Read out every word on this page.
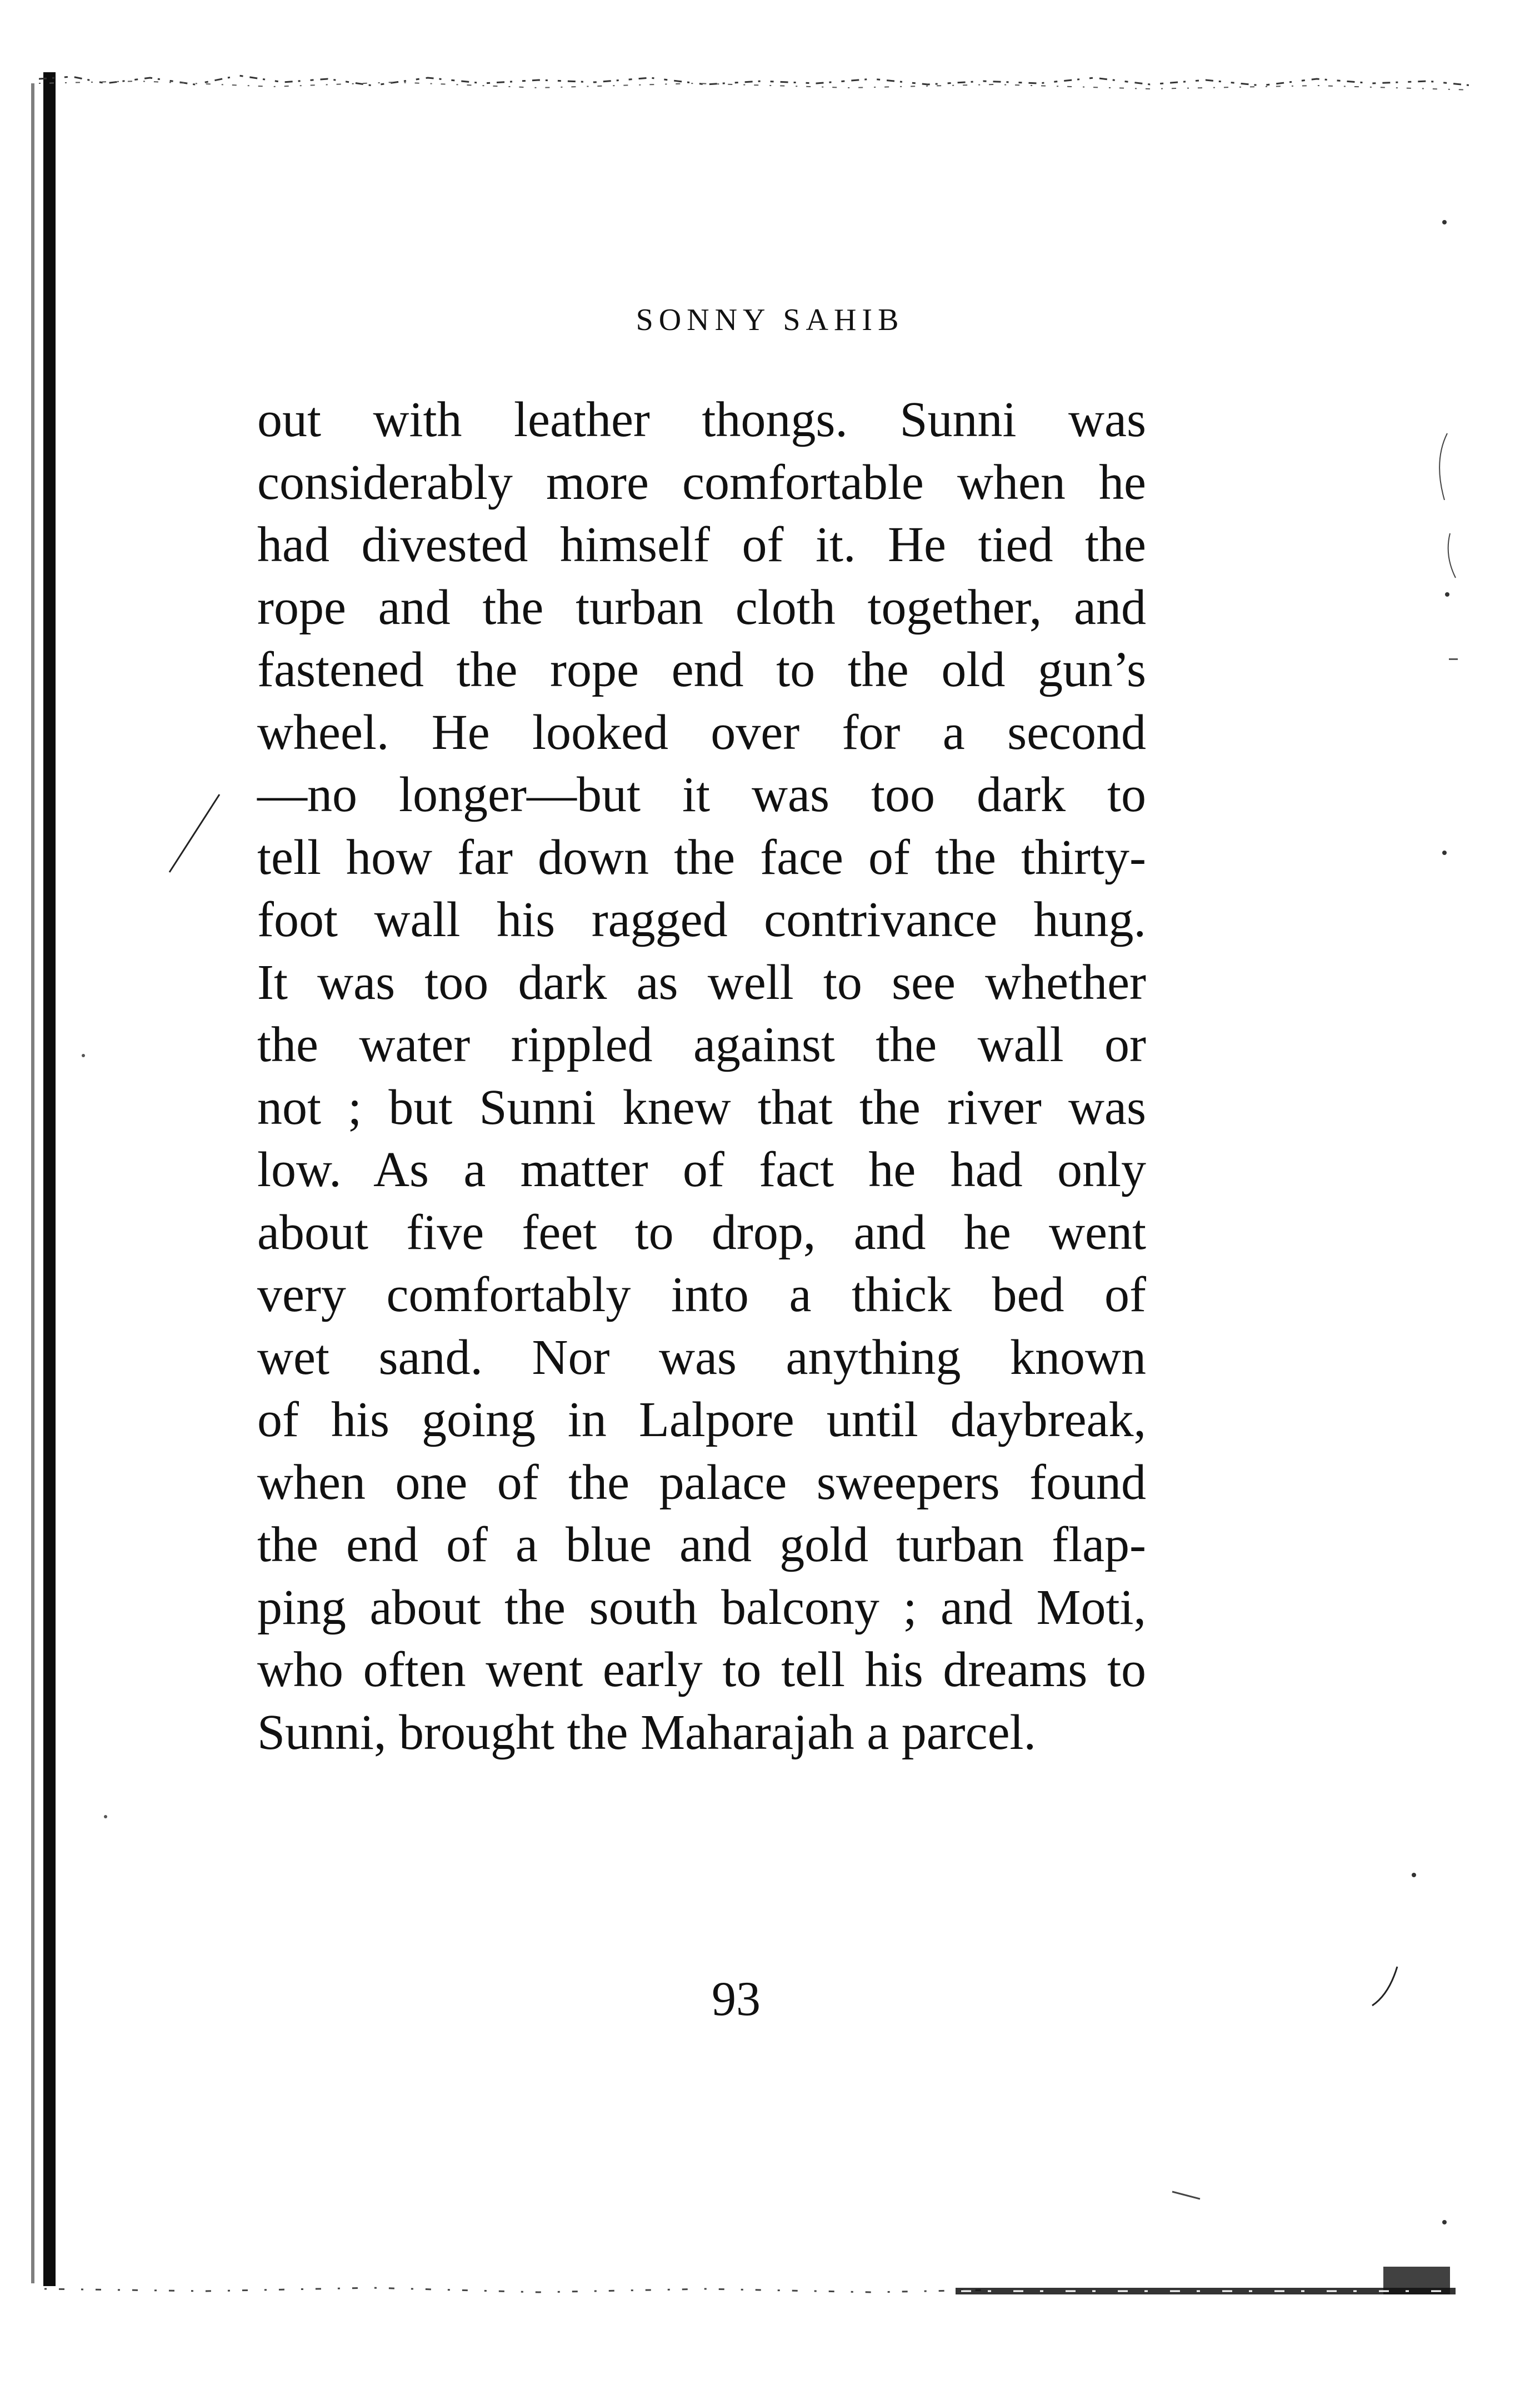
SONNY SAHIB
out with leather thongs. Sunni was
considerably more comfortable when he
had divested himself of it. He tied the
rope and the turban cloth together, and
fastened the rope end to the old gun’s
wheel. He looked over for a second
—no longer—but it was too dark to
tell how far down the face of the thirty-
foot wall his ragged contrivance hung.
It was too dark as well to see whether
the water rippled against the wall or
not ; but Sunni knew that the river was
low. As a matter of fact he had only
about five feet to drop, and he went
very comfortably into a thick bed of
wet sand. Nor was anything known
of his going in Lalpore until daybreak,
when one of the palace sweepers found
the end of a blue and gold turban flap-
ping about the south balcony ; and Moti,
who often went early to tell his dreams to
Sunni, brought the Maharajah a parcel.
93
